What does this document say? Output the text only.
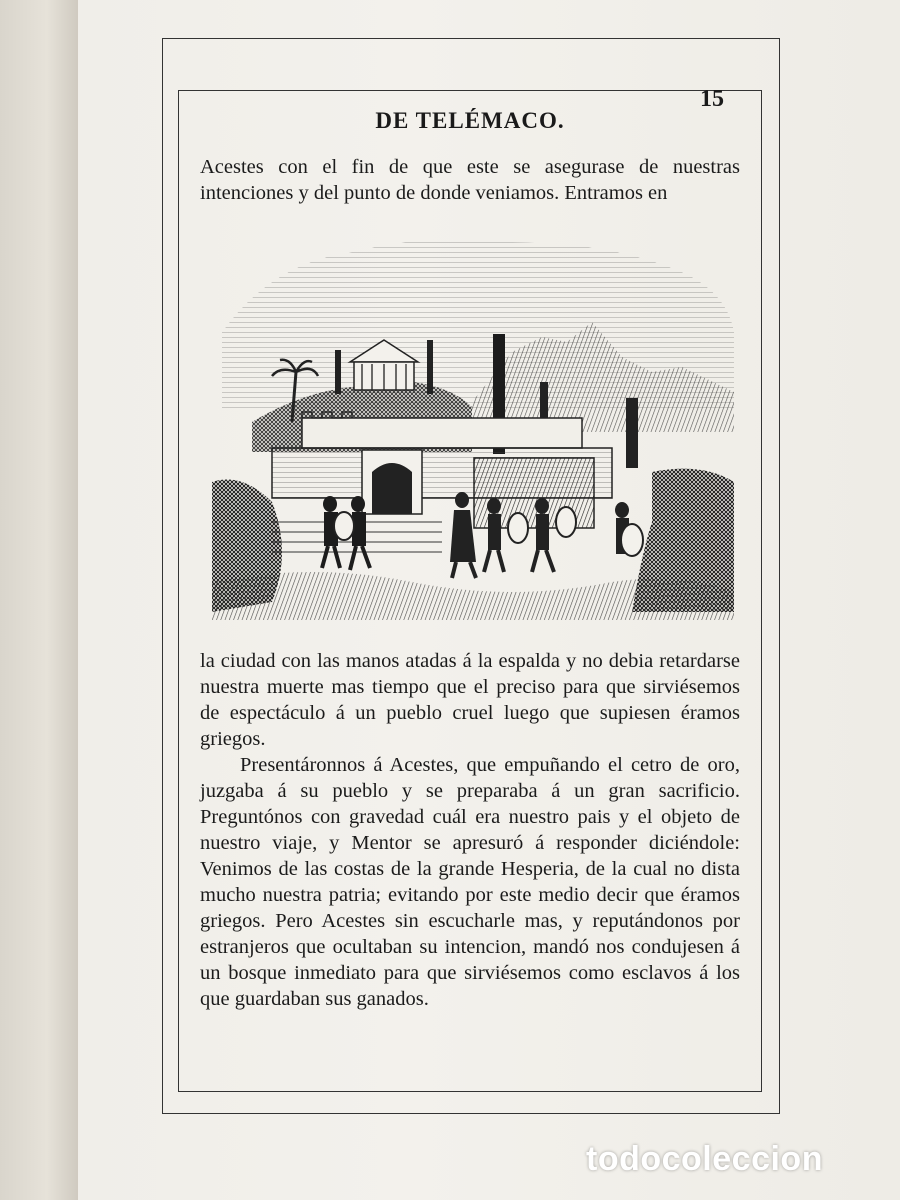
DE TELÉMACO.
15

Acestes con el fin de que este se asegurase de nuestras intenciones y del punto de donde veniamos. Entramos en

la ciudad con las manos atadas á la espalda y no debia retardarse nuestra muerte mas tiempo que el preciso para que sirviésemos de espectáculo á un pueblo cruel luego que supiesen éramos griegos.

Presentáronnos á Acestes, que empuñando el cetro de oro, juzgaba á su pueblo y se preparaba á un gran sacrificio. Preguntónos con gravedad cuál era nuestro pais y el objeto de nuestro viaje, y Mentor se apresuró á responder diciéndole: Venimos de las costas de la grande Hesperia, de la cual no dista mucho nuestra patria; evitando por este medio decir que éramos griegos. Pero Acestes sin escucharle mas, y reputándonos por estranjeros que ocultaban su intencion, mandó nos condujesen á un bosque inmediato para que sirviésemos como esclavos á los que guardaban sus ganados.

todocoleccion
